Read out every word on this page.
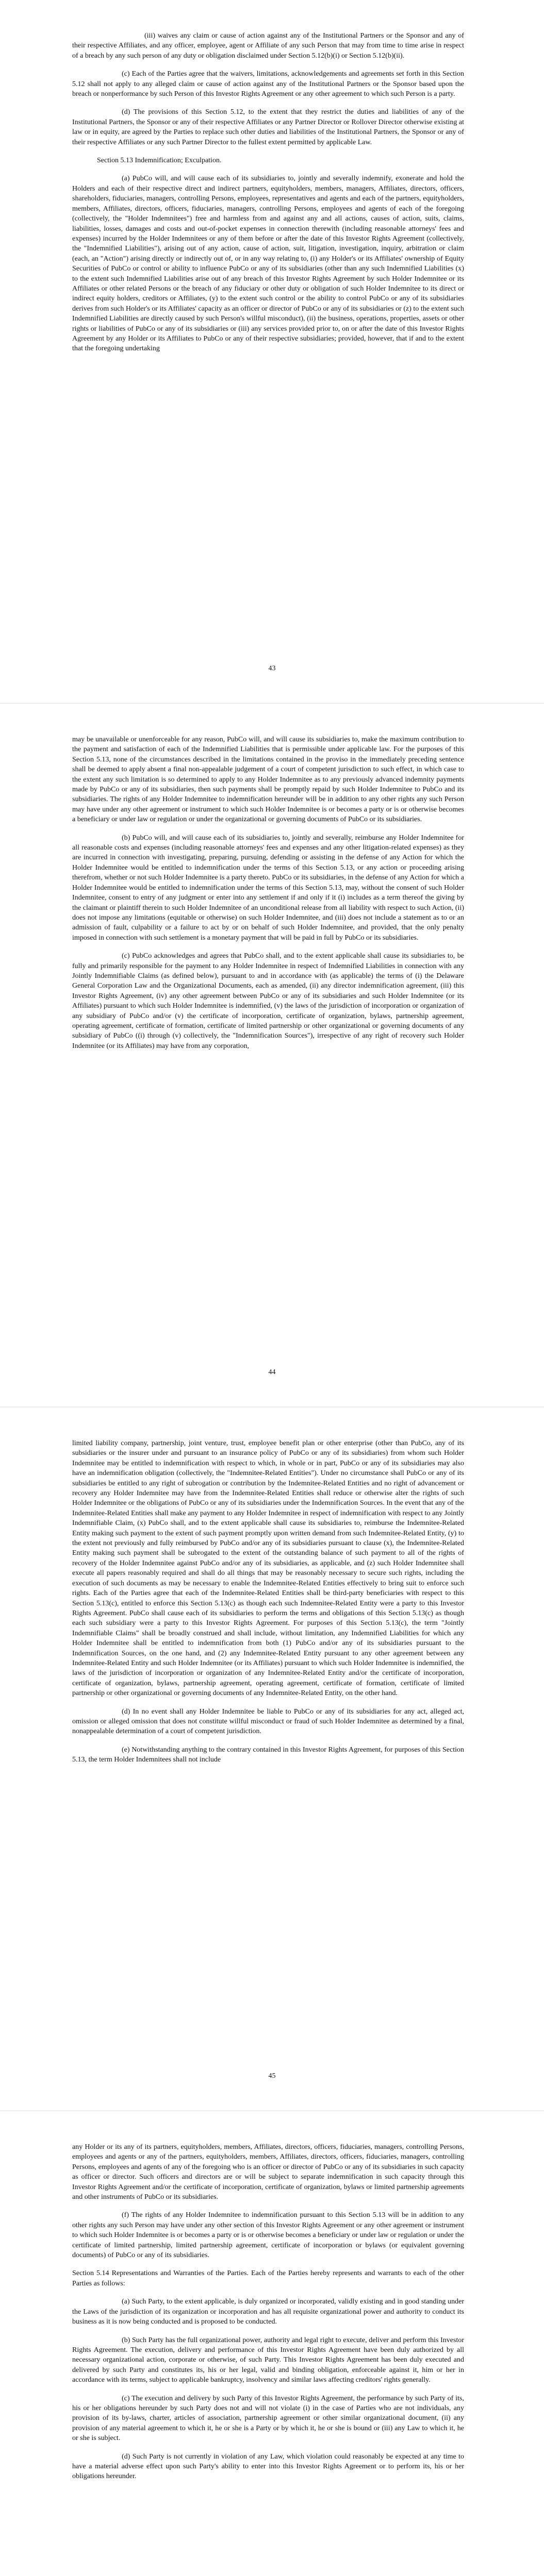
(iii) waives any claim or cause of action against any of the Institutional Partners or the Sponsor and any of their respective Affiliates, and any officer, employee, agent or Affiliate of any such Person that may from time to time arise in respect of a breach by any such person of any duty or obligation disclaimed under Section 5.12(b)(i) or Section 5.12(b)(ii).

(c) Each of the Parties agree that the waivers, limitations, acknowledgements and agreements set forth in this Section 5.12 shall not apply to any alleged claim or cause of action against any of the Institutional Partners or the Sponsor based upon the breach or nonperformance by such Person of this Investor Rights Agreement or any other agreement to which such Person is a party.

(d) The provisions of this Section 5.12, to the extent that they restrict the duties and liabilities of any of the Institutional Partners, the Sponsor or any of their respective Affiliates or any Partner Director or Rollover Director otherwise existing at law or in equity, are agreed by the Parties to replace such other duties and liabilities of the Institutional Partners, the Sponsor or any of their respective Affiliates or any such Partner Director to the fullest extent permitted by applicable Law.

Section 5.13 Indemnification; Exculpation.

(a) PubCo will, and will cause each of its subsidiaries to, jointly and severally indemnify, exonerate and hold the Holders and each of their respective direct and indirect partners, equityholders, members, managers, Affiliates, directors, officers, shareholders, fiduciaries, managers, controlling Persons, employees, representatives and agents and each of the partners, equityholders, members, Affiliates, directors, officers, fiduciaries, managers, controlling Persons, employees and agents of each of the foregoing (collectively, the "Holder Indemnitees") free and harmless from and against any and all actions, causes of action, suits, claims, liabilities, losses, damages and costs and out-of-pocket expenses in connection therewith (including reasonable attorneys' fees and expenses) incurred by the Holder Indemnitees or any of them before or after the date of this Investor Rights Agreement (collectively, the "Indemnified Liabilities"), arising out of any action, cause of action, suit, litigation, investigation, inquiry, arbitration or claim (each, an "Action") arising directly or indirectly out of, or in any way relating to, (i) any Holder's or its Affiliates' ownership of Equity Securities of PubCo or control or ability to influence PubCo or any of its subsidiaries (other than any such Indemnified Liabilities (x) to the extent such Indemnified Liabilities arise out of any breach of this Investor Rights Agreement by such Holder Indemnitee or its Affiliates or other related Persons or the breach of any fiduciary or other duty or obligation of such Holder Indemnitee to its direct or indirect equity holders, creditors or Affiliates, (y) to the extent such control or the ability to control PubCo or any of its subsidiaries derives from such Holder's or its Affiliates' capacity as an officer or director of PubCo or any of its subsidiaries or (z) to the extent such Indemnified Liabilities are directly caused by such Person's willful misconduct), (ii) the business, operations, properties, assets or other rights or liabilities of PubCo or any of its subsidiaries or (iii) any services provided prior to, on or after the date of this Investor Rights Agreement by any Holder or its Affiliates to PubCo or any of their respective subsidiaries; provided, however, that if and to the extent that the foregoing undertaking

43

may be unavailable or unenforceable for any reason, PubCo will, and will cause its subsidiaries to, make the maximum contribution to the payment and satisfaction of each of the Indemnified Liabilities that is permissible under applicable law. For the purposes of this Section 5.13, none of the circumstances described in the limitations contained in the proviso in the immediately preceding sentence shall be deemed to apply absent a final non-appealable judgement of a court of competent jurisdiction to such effect, in which case to the extent any such limitation is so determined to apply to any Holder Indemnitee as to any previously advanced indemnity payments made by PubCo or any of its subsidiaries, then such payments shall be promptly repaid by such Holder Indemnitee to PubCo and its subsidiaries. The rights of any Holder Indemnitee to indemnification hereunder will be in addition to any other rights any such Person may have under any other agreement or instrument to which such Holder Indemnitee is or becomes a party or is or otherwise becomes a beneficiary or under law or regulation or under the organizational or governing documents of PubCo or its subsidiaries.

(b) PubCo will, and will cause each of its subsidiaries to, jointly and severally, reimburse any Holder Indemnitee for all reasonable costs and expenses (including reasonable attorneys' fees and expenses and any other litigation-related expenses) as they are incurred in connection with investigating, preparing, pursuing, defending or assisting in the defense of any Action for which the Holder Indemnitee would be entitled to indemnification under the terms of this Section 5.13, or any action or proceeding arising therefrom, whether or not such Holder Indemnitee is a party thereto. PubCo or its subsidiaries, in the defense of any Action for which a Holder Indemnitee would be entitled to indemnification under the terms of this Section 5.13, may, without the consent of such Holder Indemnitee, consent to entry of any judgment or enter into any settlement if and only if it (i) includes as a term thereof the giving by the claimant or plaintiff therein to such Holder Indemnitee of an unconditional release from all liability with respect to such Action, (ii) does not impose any limitations (equitable or otherwise) on such Holder Indemnitee, and (iii) does not include a statement as to or an admission of fault, culpability or a failure to act by or on behalf of such Holder Indemnitee, and provided, that the only penalty imposed in connection with such settlement is a monetary payment that will be paid in full by PubCo or its subsidiaries.

(c) PubCo acknowledges and agrees that PubCo shall, and to the extent applicable shall cause its subsidiaries to, be fully and primarily responsible for the payment to any Holder Indemnitee in respect of Indemnified Liabilities in connection with any Jointly Indemnifiable Claims (as defined below), pursuant to and in accordance with (as applicable) the terms of (i) the Delaware General Corporation Law and the Organizational Documents, each as amended, (ii) any director indemnification agreement, (iii) this Investor Rights Agreement, (iv) any other agreement between PubCo or any of its subsidiaries and such Holder Indemnitee (or its Affiliates) pursuant to which such Holder Indemnitee is indemnified, (v) the laws of the jurisdiction of incorporation or organization of any subsidiary of PubCo and/or (v) the certificate of incorporation, certificate of organization, bylaws, partnership agreement, operating agreement, certificate of formation, certificate of limited partnership or other organizational or governing documents of any subsidiary of PubCo ((i) through (v) collectively, the "Indemnification Sources"), irrespective of any right of recovery such Holder Indemnitee (or its Affiliates) may have from any corporation,

44

limited liability company, partnership, joint venture, trust, employee benefit plan or other enterprise (other than PubCo, any of its subsidiaries or the insurer under and pursuant to an insurance policy of PubCo or any of its subsidiaries) from whom such Holder Indemnitee may be entitled to indemnification with respect to which, in whole or in part, PubCo or any of its subsidiaries may also have an indemnification obligation (collectively, the "Indemnitee-Related Entities"). Under no circumstance shall PubCo or any of its subsidiaries be entitled to any right of subrogation or contribution by the Indemnitee-Related Entities and no right of advancement or recovery any Holder Indemnitee may have from the Indemnitee-Related Entities shall reduce or otherwise alter the rights of such Holder Indemnitee or the obligations of PubCo or any of its subsidiaries under the Indemnification Sources. In the event that any of the Indemnitee-Related Entities shall make any payment to any Holder Indemnitee in respect of indemnification with respect to any Jointly Indemnifiable Claim, (x) PubCo shall, and to the extent applicable shall cause its subsidiaries to, reimburse the Indemnitee-Related Entity making such payment to the extent of such payment promptly upon written demand from such Indemnitee-Related Entity, (y) to the extent not previously and fully reimbursed by PubCo and/or any of its subsidiaries pursuant to clause (x), the Indemnitee-Related Entity making such payment shall be subrogated to the extent of the outstanding balance of such payment to all of the rights of recovery of the Holder Indemnitee against PubCo and/or any of its subsidiaries, as applicable, and (z) such Holder Indemnitee shall execute all papers reasonably required and shall do all things that may be reasonably necessary to secure such rights, including the execution of such documents as may be necessary to enable the Indemnitee-Related Entities effectively to bring suit to enforce such rights. Each of the Parties agree that each of the Indemnitee-Related Entities shall be third-party beneficiaries with respect to this Section 5.13(c), entitled to enforce this Section 5.13(c) as though each such Indemnitee-Related Entity were a party to this Investor Rights Agreement. PubCo shall cause each of its subsidiaries to perform the terms and obligations of this Section 5.13(c) as though each such subsidiary were a party to this Investor Rights Agreement. For purposes of this Section 5.13(c), the term "Jointly Indemnifiable Claims" shall be broadly construed and shall include, without limitation, any Indemnified Liabilities for which any Holder Indemnitee shall be entitled to indemnification from both (1) PubCo and/or any of its subsidiaries pursuant to the Indemnification Sources, on the one hand, and (2) any Indemnitee-Related Entity pursuant to any other agreement between any Indemnitee-Related Entity and such Holder Indemnitee (or its Affiliates) pursuant to which such Holder Indemnitee is indemnified, the laws of the jurisdiction of incorporation or organization of any Indemnitee-Related Entity and/or the certificate of incorporation, certificate of organization, bylaws, partnership agreement, operating agreement, certificate of formation, certificate of limited partnership or other organizational or governing documents of any Indemnitee-Related Entity, on the other hand.

(d) In no event shall any Holder Indemnitee be liable to PubCo or any of its subsidiaries for any act, alleged act, omission or alleged omission that does not constitute willful misconduct or fraud of such Holder Indemnitee as determined by a final, nonappealable determination of a court of competent jurisdiction.

(e) Notwithstanding anything to the contrary contained in this Investor Rights Agreement, for purposes of this Section 5.13, the term Holder Indemnitees shall not include

45

any Holder or its any of its partners, equityholders, members, Affiliates, directors, officers, fiduciaries, managers, controlling Persons, employees and agents or any of the partners, equityholders, members, Affiliates, directors, officers, fiduciaries, managers, controlling Persons, employees and agents of any of the foregoing who is an officer or director of PubCo or any of its subsidiaries in such capacity as officer or director. Such officers and directors are or will be subject to separate indemnification in such capacity through this Investor Rights Agreement and/or the certificate of incorporation, certificate of organization, bylaws or limited partnership agreements and other instruments of PubCo or its subsidiaries.

(f) The rights of any Holder Indemnitee to indemnification pursuant to this Section 5.13 will be in addition to any other rights any such Person may have under any other section of this Investor Rights Agreement or any other agreement or instrument to which such Holder Indemnitee is or becomes a party or is or otherwise becomes a beneficiary or under law or regulation or under the certificate of limited partnership, limited partnership agreement, certificate of incorporation or bylaws (or equivalent governing documents) of PubCo or any of its subsidiaries.

Section 5.14 Representations and Warranties of the Parties. Each of the Parties hereby represents and warrants to each of the other Parties as follows:

(a) Such Party, to the extent applicable, is duly organized or incorporated, validly existing and in good standing under the Laws of the jurisdiction of its organization or incorporation and has all requisite organizational power and authority to conduct its business as it is now being conducted and is proposed to be conducted.

(b) Such Party has the full organizational power, authority and legal right to execute, deliver and perform this Investor Rights Agreement. The execution, delivery and performance of this Investor Rights Agreement have been duly authorized by all necessary organizational action, corporate or otherwise, of such Party. This Investor Rights Agreement has been duly executed and delivered by such Party and constitutes its, his or her legal, valid and binding obligation, enforceable against it, him or her in accordance with its terms, subject to applicable bankruptcy, insolvency and similar laws affecting creditors' rights generally.

(c) The execution and delivery by such Party of this Investor Rights Agreement, the performance by such Party of its, his or her obligations hereunder by such Party does not and will not violate (i) in the case of Parties who are not individuals, any provision of its by-laws, charter, articles of association, partnership agreement or other similar organizational document, (ii) any provision of any material agreement to which it, he or she is a Party or by which it, he or she is bound or (iii) any Law to which it, he or she is subject.

(d) Such Party is not currently in violation of any Law, which violation could reasonably be expected at any time to have a material adverse effect upon such Party's ability to enter into this Investor Rights Agreement or to perform its, his or her obligations hereunder.
